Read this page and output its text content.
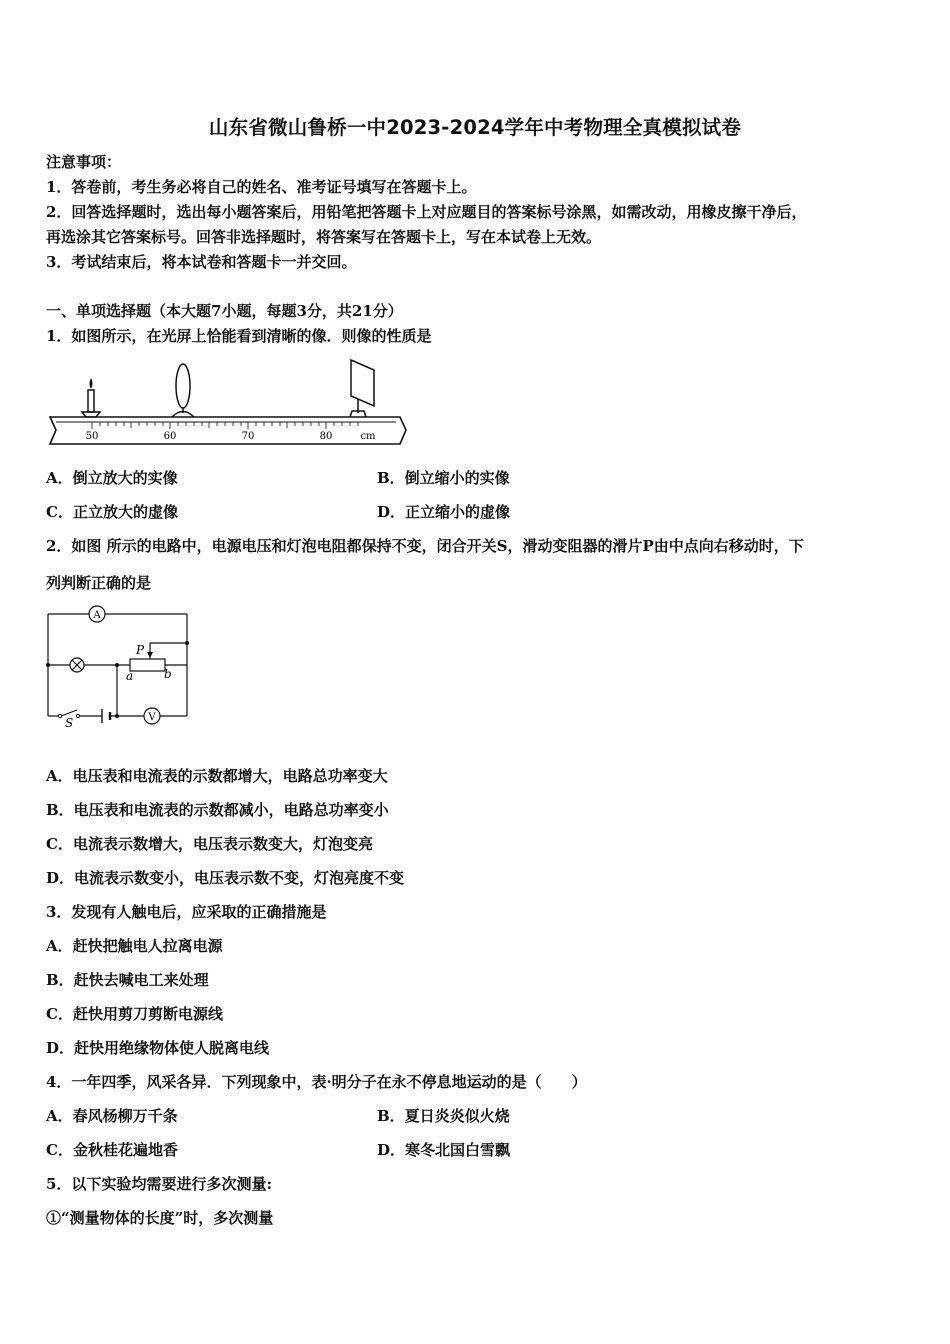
山东省微山鲁桥一中2023-2024学年中考物理全真模拟试卷
注意事项：
1．答卷前，考生务必将自己的姓名、准考证号填写在答题卡上。
2．回答选择题时，选出每小题答案后，用铅笔把答题卡上对应题目的答案标号涂黑，如需改动，用橡皮擦干净后，
再选涂其它答案标号。回答非选择题时，将答案写在答题卡上，写在本试卷上无效。
3．考试结束后，将本试卷和答题卡一并交回。
一、单项选择题（本大题7小题，每题3分，共21分）
1．如图所示，在光屏上恰能看到清晰的像．则像的性质是
50	60	70	80	cm
A．倒立放大的实像	B．倒立缩小的实像
C．正立放大的虚像	D．正立缩小的虚像
2．如图 所示的电路中，电源电压和灯泡电阻都保持不变，闭合开关S，滑动变阻器的滑片P由中点向右移动时，下
列判断正确的是
A
V
P
a	b
S
A．电压表和电流表的示数都增大，电路总功率变大
B．电压表和电流表的示数都减小，电路总功率变小
C．电流表示数增大，电压表示数变大，灯泡变亮
D．电流表示数变小，电压表示数不变，灯泡亮度不变
3．发现有人触电后，应采取的正确措施是
A．赶快把触电人拉离电源
B．赶快去喊电工来处理
C．赶快用剪刀剪断电源线
D．赶快用绝缘物体使人脱离电线
4．一年四季，风采各异．下列现象中，表·明分子在永不停息地运动的是（　　）
A．春风杨柳万千条	B．夏日炎炎似火烧
C．金秋桂花遍地香	D．寒冬北国白雪飘
5．以下实验均需要进行多次测量:
①“测量物体的长度”时，多次测量
